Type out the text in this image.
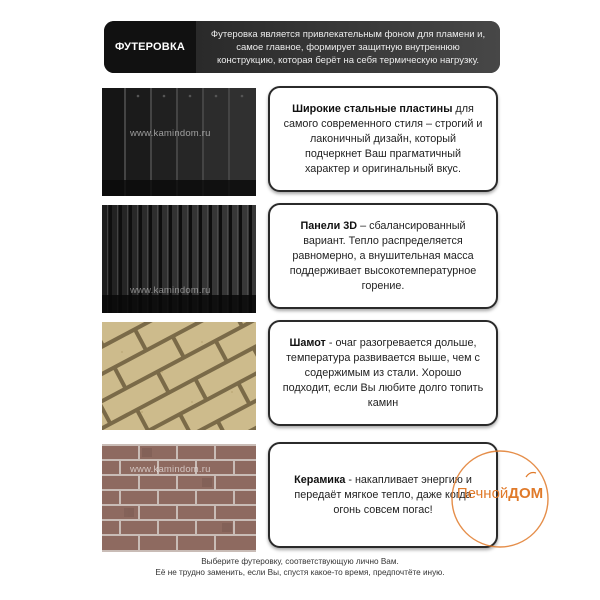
ФУТЕРОВКА
Футеровка является привлекательным фоном для пламени и,
самое главное, формирует защитную внутреннюю
конструкцию, которая берёт на себя термическую нагрузку.
www.kamindom.ru
www.kamindom.ru
www.kamindom.ru
Широкие стальные пластины для самого современного стиля – строгий и лаконичный дизайн, который подчеркнет Ваш прагматичный характер и оригинальный вкус.
Панели 3D – сбалансированный вариант. Тепло распределяется равномерно, а внушительная масса поддерживает высокотемпературное горение.
Шамот - очаг разогревается дольше, температура развивается выше, чем с содержимым из стали. Хорошо подходит, если Вы любите долго топить камин
Керамика - накапливает энергию и передаёт мягкое тепло, даже когда огонь совсем погас!
ПечнойДОМ
Выберите футеровку, соответствующую лично Вам.
Её не трудно заменить, если Вы, спустя какое-то время, предпочтёте иную.
